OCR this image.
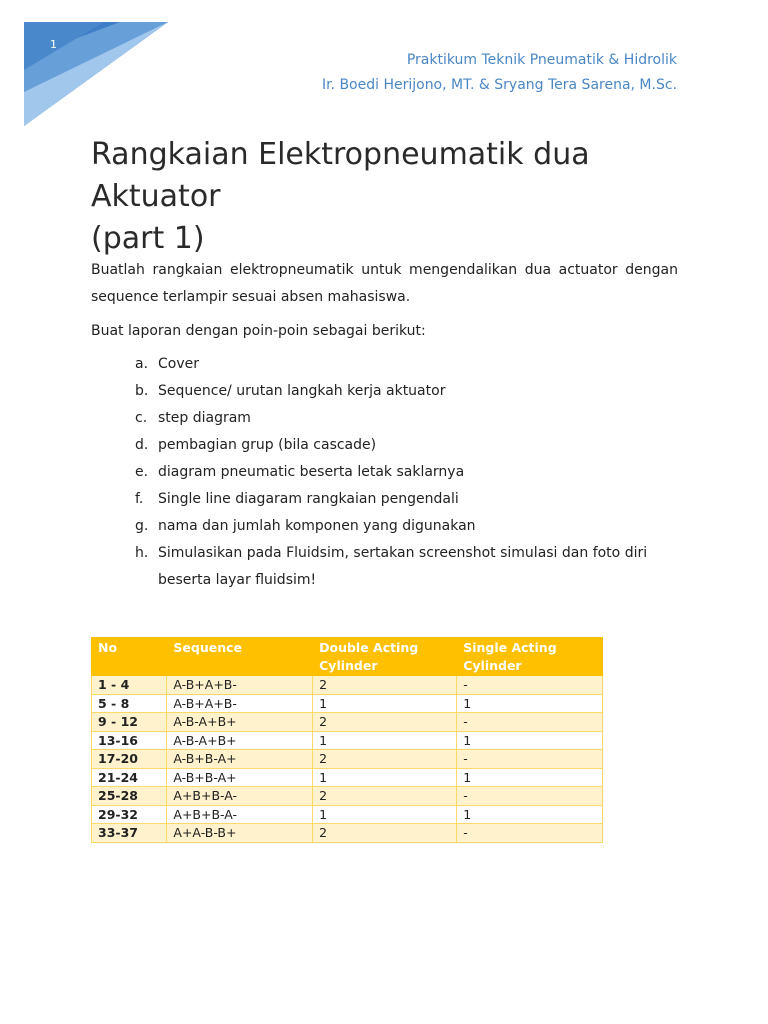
1
Praktikum Teknik Pneumatik & Hidrolik
Ir. Boedi Herijono, MT. & Sryang Tera Sarena, M.Sc.
Rangkaian Elektropneumatik dua Aktuator
(part 1)

Buatlah rangkaian elektropneumatik untuk mengendalikan dua actuator dengan sequence terlampir sesuai absen mahasiswa.

Buat laporan dengan poin-poin sebagai berikut:

a. Cover
b. Sequence/ urutan langkah kerja aktuator
c. step diagram
d. pembagian grup (bila cascade)
e. diagram pneumatic beserta letak saklarnya
f.	Single line diagaram rangkaian pengendali
g. nama dan jumlah komponen yang digunakan
h. Simulasikan pada Fluidsim, sertakan screenshot simulasi dan foto diri beserta layar fluidsim!
No	Sequence	Double Acting Cylinder	Single Acting Cylinder
1 - 4	A-B+A+B-	2	-
5 - 8	A-B+A+B-	1	1
9 - 12	A-B-A+B+	2	-
13-16	A-B-A+B+	1	1
17-20	A-B+B-A+	2	-
21-24	A-B+B-A+	1	1
25-28	A+B+B-A-	2	-
29-32	A+B+B-A-	1	1
33-37	A+A-B-B+	2	-
